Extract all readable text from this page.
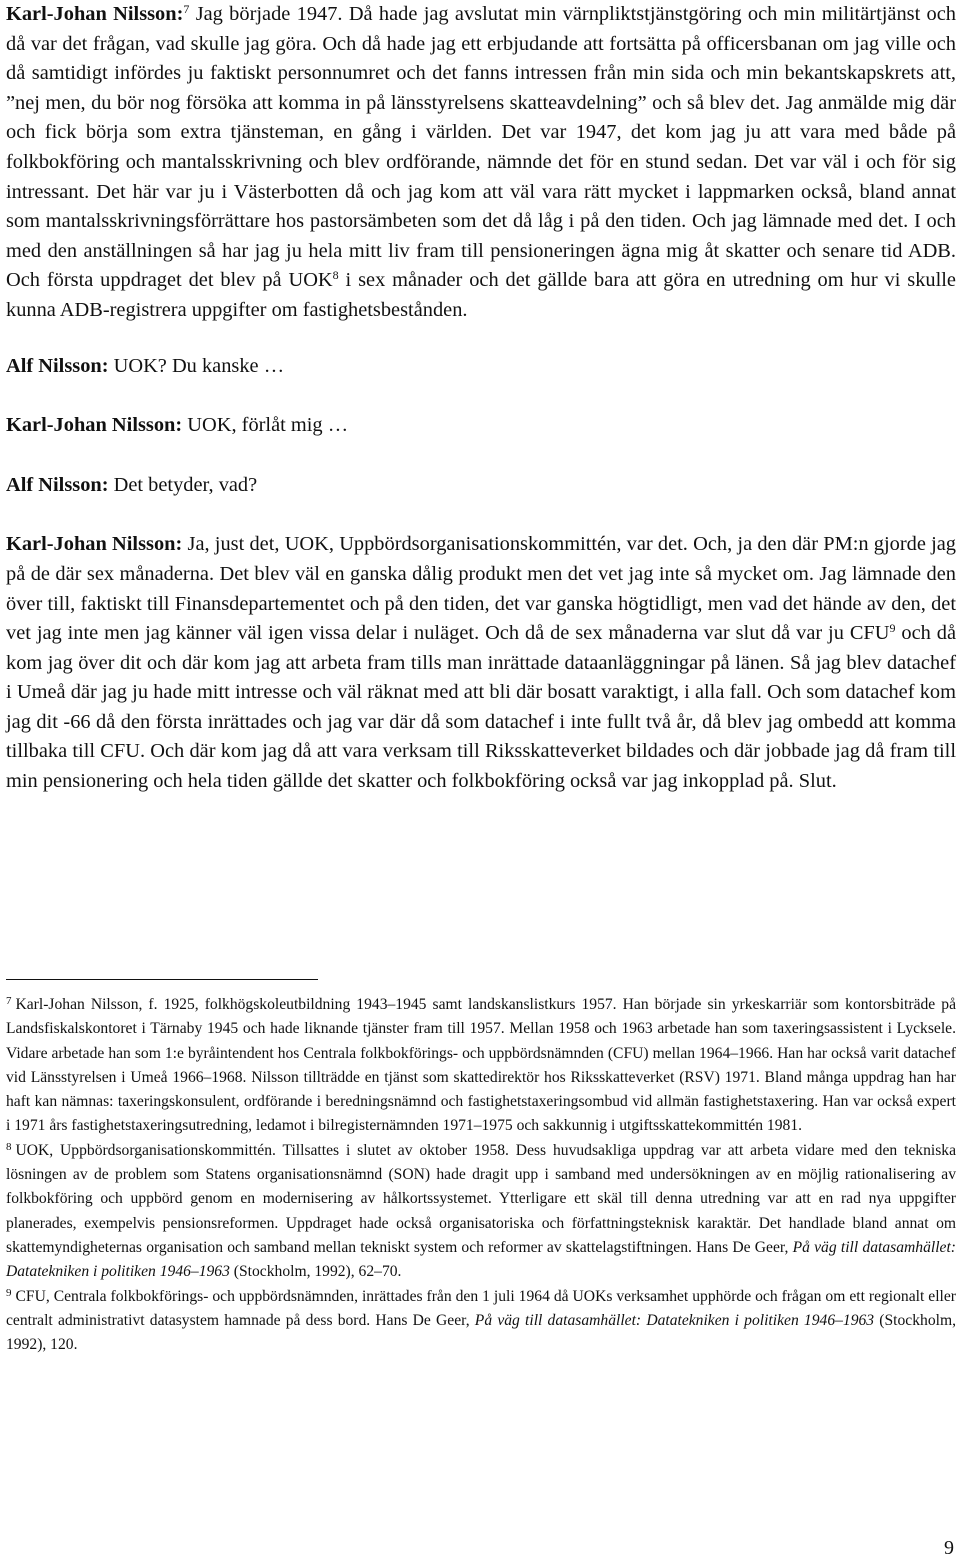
Karl-Johan Nilsson:$^7$ Jag började 1947. Då hade jag avslutat min värnpliktstjänstgöring och min militärtjänst och då var det frågan, vad skulle jag göra. Och då hade jag ett erbjudande att fortsätta på officersbanan om jag ville och då samtidigt infördes ju faktiskt personnumret och det fanns intressen från min sida och min bekantskapskrets att, ”nej men, du bör nog försöka att komma in på länsstyrelsens skatteavdelning” och så blev det. Jag anmälde mig där och fick börja som extra tjänsteman, en gång i världen. Det var 1947, det kom jag ju att vara med både på folkbokföring och mantalsskrivning och blev ordförande, nämnde det för en stund sedan. Det var väl i och för sig intressant. Det här var ju i Västerbotten då och jag kom att väl vara rätt mycket i lappmarken också, bland annat som mantalsskrivningsförrättare hos pastorsämbeten som det då låg i på den tiden. Och jag lämnade med det. I och med den anställningen så har jag ju hela mitt liv fram till pensioneringen ägna mig åt skatter och senare tid ADB. Och första uppdraget det blev på UOK$^8$ i sex månader och det gällde bara att göra en utredning om hur vi skulle kunna ADB-registrera uppgifter om fastighetsbestånden.

Alf Nilsson: UOK? Du kanske …

Karl-Johan Nilsson: UOK, förlåt mig …

Alf Nilsson: Det betyder, vad?

Karl-Johan Nilsson: Ja, just det, UOK, Uppbördsorganisationskommittén, var det. Och, ja den där PM:n gjorde jag på de där sex månaderna. Det blev väl en ganska dålig produkt men det vet jag inte så mycket om. Jag lämnade den över till, faktiskt till Finansdepartementet och på den tiden, det var ganska högtidligt, men vad det hände av den, det vet jag inte men jag känner väl igen vissa delar i nuläget. Och då de sex månaderna var slut då var ju CFU$^9$ och då kom jag över dit och där kom jag att arbeta fram tills man inrättade dataanläggningar på länen. Så jag blev datachef i Umeå där jag ju hade mitt intresse och väl räknat med att bli där bosatt varaktigt, i alla fall. Och som datachef kom jag dit -66 då den första inrättades och jag var där då som datachef i inte fullt två år, då blev jag ombedd att komma tillbaka till CFU. Och där kom jag då att vara verksam till Riksskatteverket bildades och där jobbade jag då fram till min pensionering och hela tiden gällde det skatter och folkbokföring också var jag inkopplad på. Slut.

$^7$ Karl-Johan Nilsson, f. 1925, folkhögskoleutbildning 1943–1945 samt landskanslistkurs 1957. Han började sin yrkeskarriär som kontorsbiträde på Landsfiskalskontoret i Tärnaby 1945 och hade liknande tjänster fram till 1957. Mellan 1958 och 1963 arbetade han som taxeringsassistent i Lycksele. Vidare arbetade han som 1:e byråintendent hos Centrala folkbokförings- och uppbördsnämnden (CFU) mellan 1964–1966. Han har också varit datachef vid Länsstyrelsen i Umeå 1966–1968. Nilsson tillträdde en tjänst som skattedirektör hos Riksskatteverket (RSV) 1971. Bland många uppdrag han har haft kan nämnas: taxeringskonsulent, ordförande i beredningsnämnd och fastighetstaxeringsombud vid allmän fastighetstaxering. Han var också expert i 1971 års fastighetstaxeringsutredning, ledamot i bilregisternämnden 1971–1975 och sakkunnig i utgiftsskattekommittén 1981.

$^8$ UOK, Uppbördsorganisationskommittén. Tillsattes i slutet av oktober 1958. Dess huvudsakliga uppdrag var att arbeta vidare med den tekniska lösningen av de problem som Statens organisationsnämnd (SON) hade dragit upp i samband med undersökningen av en möjlig rationalisering av folkbokföring och uppbörd genom en modernisering av hålkortssystemet. Ytterligare ett skäl till denna utredning var att en rad nya uppgifter planerades, exempelvis pensionsreformen. Uppdraget hade också organisatoriska och författningsteknisk karaktär. Det handlade bland annat om skattemyndigheternas organisation och samband mellan tekniskt system och reformer av skattelagstiftningen. Hans De Geer, På väg till datasamhället: Datatekniken i politiken 1946–1963 (Stockholm, 1992), 62–70.

$^9$ CFU, Centrala folkbokförings- och uppbördsnämnden, inrättades från den 1 juli 1964 då UOKs verksamhet upphörde och frågan om ett regionalt eller centralt administrativt datasystem hamnade på dess bord. Hans De Geer, På väg till datasamhället: Datatekniken i politiken 1946–1963 (Stockholm, 1992), 120.

9
